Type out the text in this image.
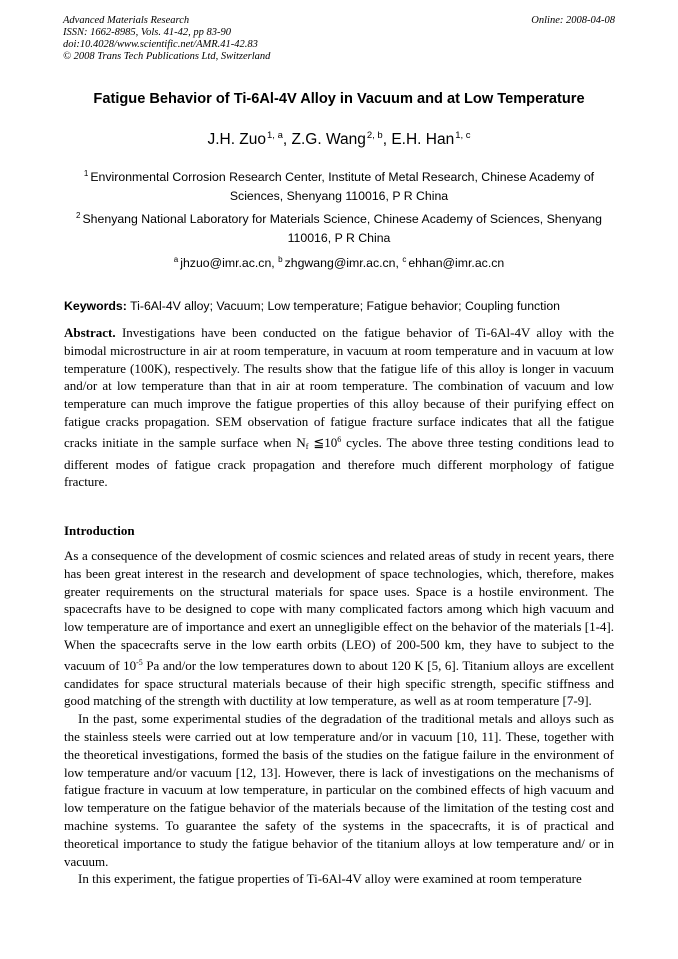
Advanced Materials Research
ISSN: 1662-8985, Vols. 41-42, pp 83-90
doi:10.4028/www.scientific.net/AMR.41-42.83
© 2008 Trans Tech Publications Ltd, Switzerland
Online: 2008-04-08
Fatigue Behavior of Ti-6Al-4V Alloy in Vacuum and at Low Temperature
J.H. Zuo$^{1, a}$, Z.G. Wang$^{2, b}$, E.H. Han$^{1, c}$
$^1$ Environmental Corrosion Research Center, Institute of Metal Research, Chinese Academy of Sciences, Shenyang 110016, P R China
$^2$ Shenyang National Laboratory for Materials Science, Chinese Academy of Sciences, Shenyang 110016, P R China
$^a$ jhzuo@imr.ac.cn, $^b$ zhgwang@imr.ac.cn, $^c$ ehhan@imr.ac.cn
Keywords: Ti-6Al-4V alloy; Vacuum; Low temperature; Fatigue behavior; Coupling function

Abstract. Investigations have been conducted on the fatigue behavior of Ti-6Al-4V alloy with the bimodal microstructure in air at room temperature, in vacuum at room temperature and in vacuum at low temperature (100K), respectively. The results show that the fatigue life of this alloy is longer in vacuum and/or at low temperature than that in air at room temperature. The combination of vacuum and low temperature can much improve the fatigue properties of this alloy because of their purifying effect on fatigue cracks propagation. SEM observation of fatigue fracture surface indicates that all the fatigue cracks initiate in the sample surface when Nf $≦10^6$ cycles. The above three testing conditions lead to different modes of fatigue crack propagation and therefore much different morphology of fatigue fracture.

Introduction

As a consequence of the development of cosmic sciences and related areas of study in recent years, there has been great interest in the research and development of space technologies, which, therefore, makes greater requirements on the structural materials for space uses. Space is a hostile environment. The spacecrafts have to be designed to cope with many complicated factors among which high vacuum and low temperature are of importance and exert an unnegligible effect on the behavior of the materials [1-4]. When the spacecrafts serve in the low earth orbits (LEO) of 200-500 km, they have to subject to the vacuum of $10^{-5}$ Pa and/or the low temperatures down to about 120 K [5, 6]. Titanium alloys are excellent candidates for space structural materials because of their high specific strength, specific stiffness and good matching of the strength with ductility at low temperature, as well as at room temperature [7-9].

In the past, some experimental studies of the degradation of the traditional metals and alloys such as the stainless steels were carried out at low temperature and/or in vacuum [10, 11]. These, together with the theoretical investigations, formed the basis of the studies on the fatigue failure in the environment of low temperature and/or vacuum [12, 13]. However, there is lack of investigations on the mechanisms of fatigue fracture in vacuum at low temperature, in particular on the combined effects of high vacuum and low temperature on the fatigue behavior of the materials because of the limitation of the testing cost and machine systems. To guarantee the safety of the systems in the spacecrafts, it is of practical and theoretical importance to study the fatigue behavior of the titanium alloys at low temperature and/ or in vacuum.

In this experiment, the fatigue properties of Ti-6Al-4V alloy were examined at room temperature
